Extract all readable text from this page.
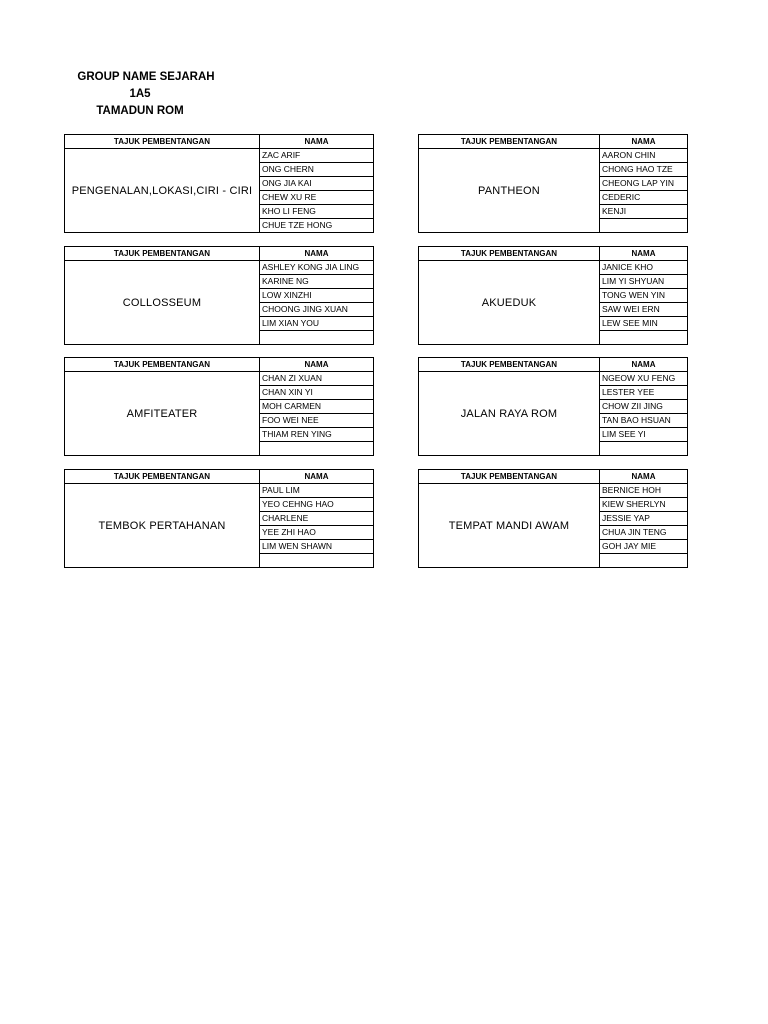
GROUP NAME SEJARAH
1A5
TAMADUN ROM
TAJUK PEMBENTANGAN	NAMA
PENGENALAN,LOKASI,CIRI - CIRI	ZAC ARIF
	ONG CHERN
	ONG JIA KAI
	CHEW XU RE
	KHO LI FENG
	CHUE TZE HONG
TAJUK PEMBENTANGAN	NAMA
PANTHEON	AARON CHIN
	CHONG HAO TZE
	CHEONG LAP YIN
	CEDERIC
	KENJI

TAJUK PEMBENTANGAN	NAMA
COLLOSSEUM	ASHLEY KONG JIA LING
	KARINE NG
	LOW XINZHI
	CHOONG JING XUAN
	LIM XIAN YOU

TAJUK PEMBENTANGAN	NAMA
AKUEDUK	JANICE KHO
	LIM YI SHYUAN
	TONG WEN YIN
	SAW WEI ERN
	LEW SEE MIN

TAJUK PEMBENTANGAN	NAMA
AMFITEATER	CHAN ZI XUAN
	CHAN XIN YI
	MOH CARMEN
	FOO WEI NEE
	THIAM REN YING

TAJUK PEMBENTANGAN	NAMA
JALAN RAYA ROM	NGEOW XU FENG
	LESTER YEE
	CHOW ZII JING
	TAN BAO HSUAN
	LIM SEE YI

TAJUK PEMBENTANGAN	NAMA
TEMBOK PERTAHANAN	PAUL LIM
	YEO CEHNG HAO
	CHARLENE
	YEE ZHI HAO
	LIM WEN SHAWN

TAJUK PEMBENTANGAN	NAMA
TEMPAT MANDI AWAM	BERNICE HOH
	KIEW SHERLYN
	JESSIE YAP
	CHUA JIN TENG
	GOH JAY MIE
